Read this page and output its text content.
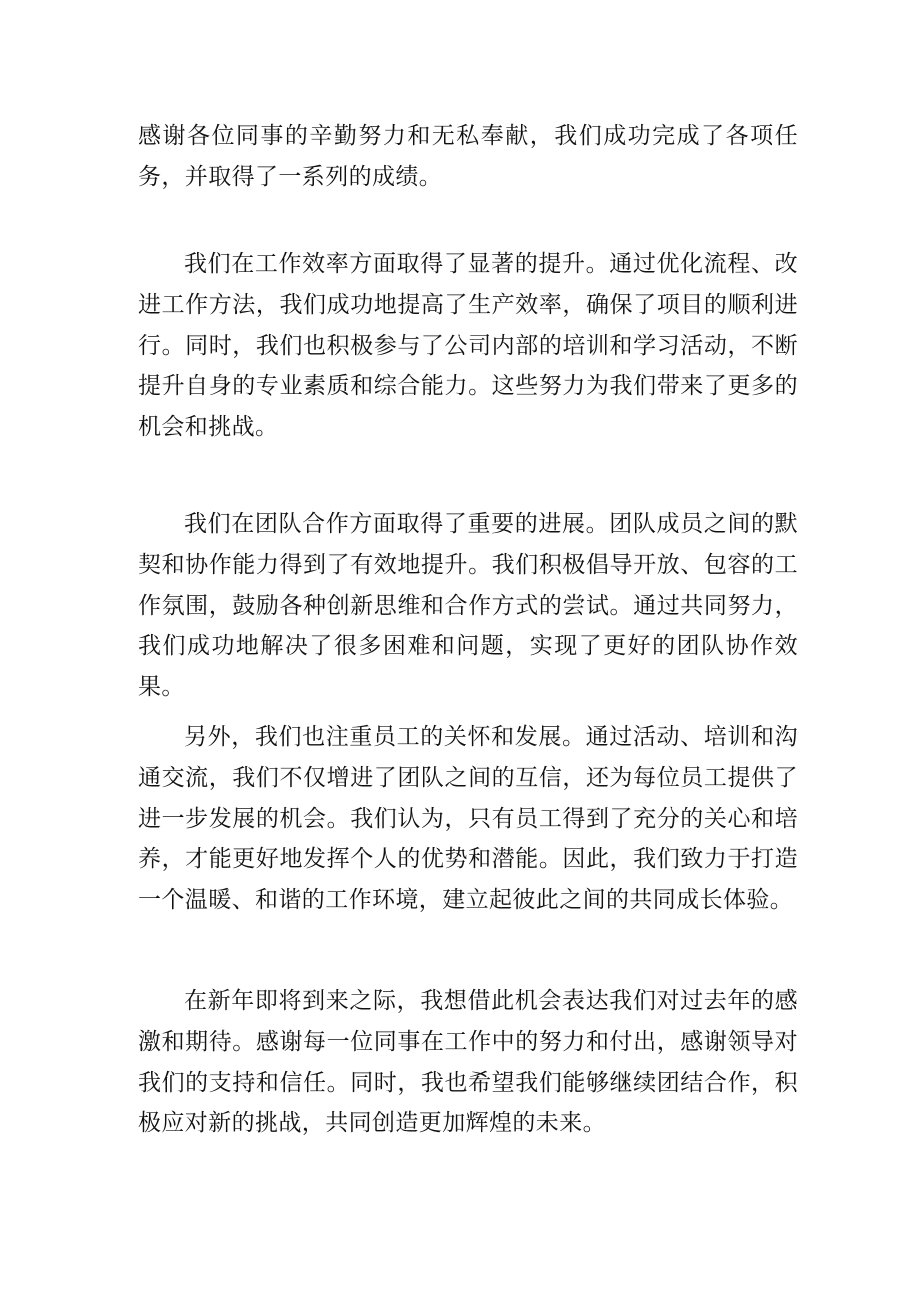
感谢各位同事的辛勤努力和无私奉献，我们成功完成了各项任务，并取得了一系列的成绩。

我们在工作效率方面取得了显著的提升。通过优化流程、改进工作方法，我们成功地提高了生产效率，确保了项目的顺利进行。同时，我们也积极参与了公司内部的培训和学习活动，不断提升自身的专业素质和综合能力。这些努力为我们带来了更多的机会和挑战。

我们在团队合作方面取得了重要的进展。团队成员之间的默契和协作能力得到了有效地提升。我们积极倡导开放、包容的工作氛围，鼓励各种创新思维和合作方式的尝试。通过共同努力，我们成功地解决了很多困难和问题，实现了更好的团队协作效果。

另外，我们也注重员工的关怀和发展。通过活动、培训和沟通交流，我们不仅增进了团队之间的互信，还为每位员工提供了进一步发展的机会。我们认为，只有员工得到了充分的关心和培养，才能更好地发挥个人的优势和潜能。因此，我们致力于打造一个温暖、和谐的工作环境，建立起彼此之间的共同成长体验。

在新年即将到来之际，我想借此机会表达我们对过去年的感激和期待。感谢每一位同事在工作中的努力和付出，感谢领导对我们的支持和信任。同时，我也希望我们能够继续团结合作，积极应对新的挑战，共同创造更加辉煌的未来。
